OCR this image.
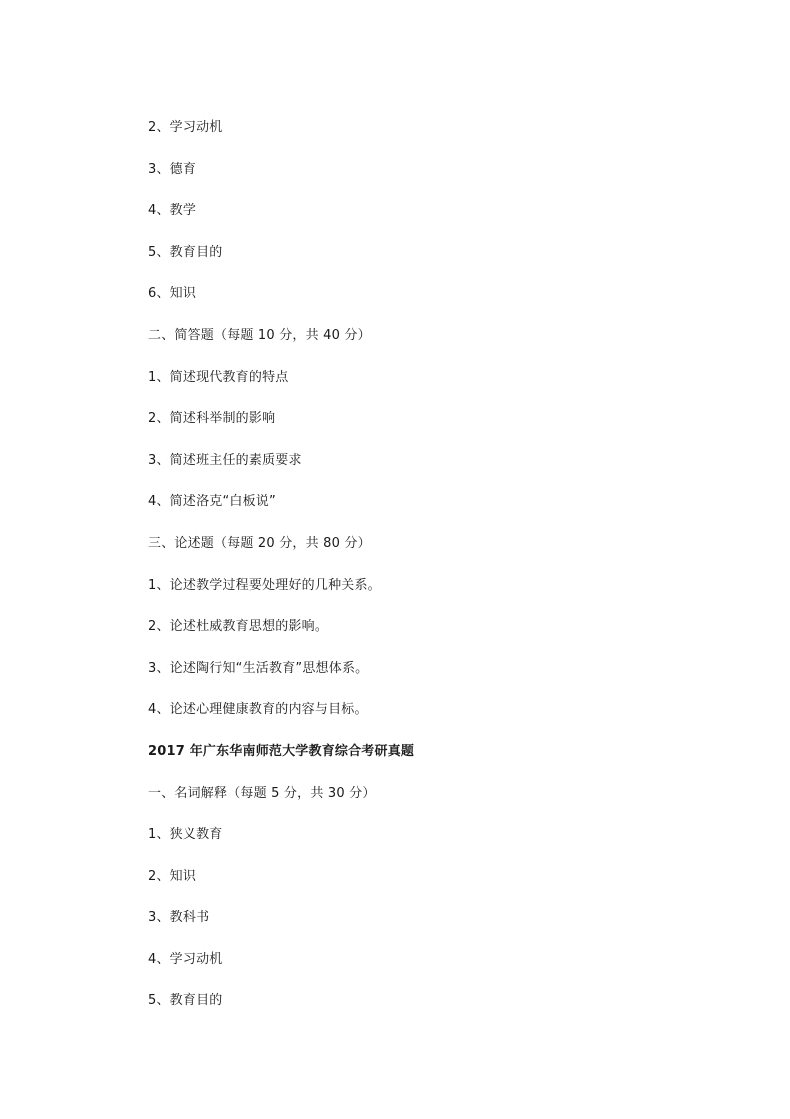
2、学习动机
3、德育
4、教学
5、教育目的
6、知识
二、简答题（每题 10 分，共 40 分）
1、简述现代教育的特点
2、简述科举制的影响
3、简述班主任的素质要求
4、简述洛克“白板说”
三、论述题（每题 20 分，共 80 分）
1、论述教学过程要处理好的几种关系。
2、论述杜威教育思想的影响。
3、论述陶行知“生活教育”思想体系。
4、论述心理健康教育的内容与目标。
2017 年广东华南师范大学教育综合考研真题
一、名词解释（每题 5 分，共 30 分）
1、狭义教育
2、知识
3、教科书
4、学习动机
5、教育目的
